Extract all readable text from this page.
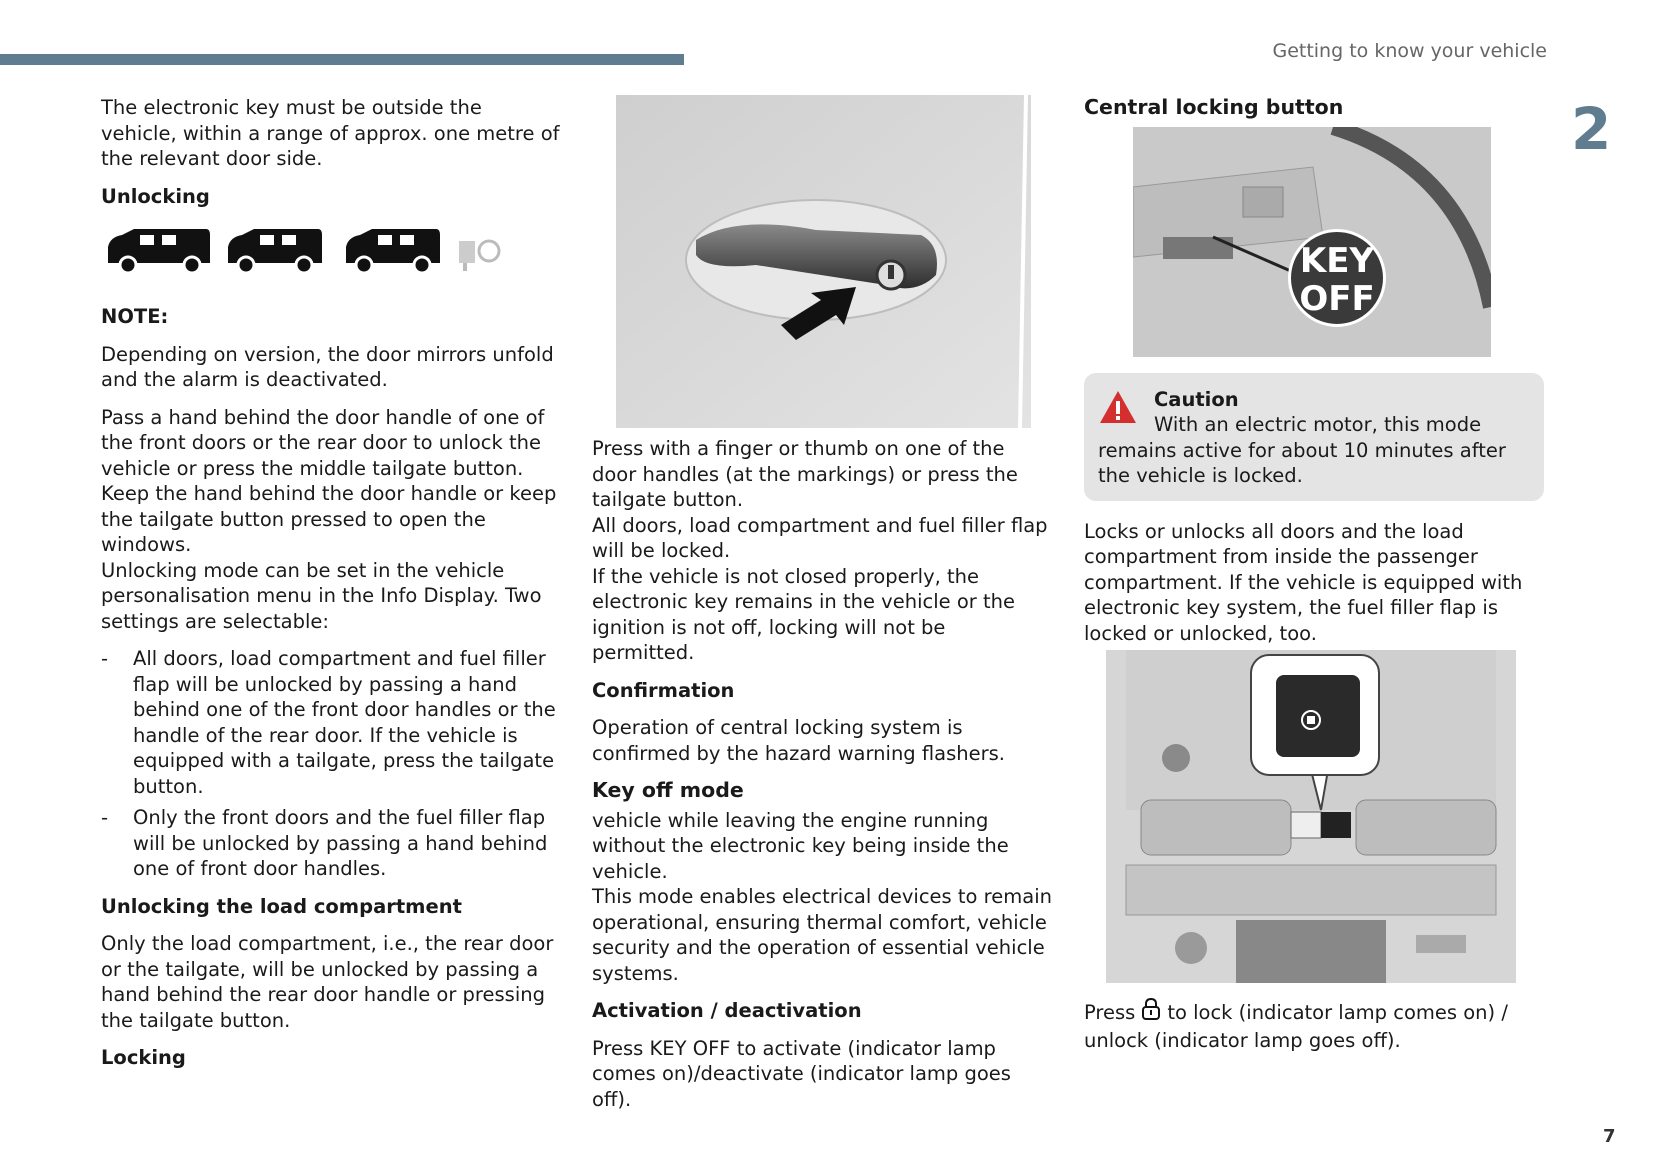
Getting to know your vehicle
2
7

The electronic key must be outside the vehicle, within a range of approx. one metre of the relevant door side.

Unlocking
NOTE:

Depending on version, the door mirrors unfold and the alarm is deactivated.

Pass a hand behind the door handle of one of the front doors or the rear door to unlock the vehicle or press the middle tailgate button.

Keep the hand behind the door handle or keep the tailgate button pressed to open the windows.

Unlocking mode can be set in the vehicle personalisation menu in the Info Display. Two settings are selectable:

- All doors, load compartment and fuel filler flap will be unlocked by passing a hand behind one of the front door handles or the handle of the rear door. If the vehicle is equipped with a tailgate, press the tailgate button.
- Only the front doors and the fuel filler flap will be unlocked by passing a hand behind one of front door handles.
Unlocking the load compartment

Only the load compartment, i.e., the rear door or the tailgate, will be unlocked by passing a hand behind the rear door handle or pressing the tailgate button.

Locking

Press with a finger or thumb on one of the door handles (at the markings) or press the tailgate button.

All doors, load compartment and fuel filler flap will be locked.

If the vehicle is not closed properly, the electronic key remains in the vehicle or the ignition is not off, locking will not be permitted.

Confirmation

Operation of central locking system is confirmed by the hazard warning flashers.

Key off mode

vehicle while leaving the engine running without the electronic key being inside the vehicle.

This mode enables electrical devices to remain operational, ensuring thermal comfort, vehicle security and the operation of essential vehicle systems.

Activation / deactivation

Press KEY OFF to activate (indicator lamp comes on)/deactivate (indicator lamp goes off).

Central locking button
KEY
OFF
Caution
With an electric motor, this mode remains active for about 10 minutes after the vehicle is locked.

Locks or unlocks all doors and the load compartment from inside the passenger compartment. If the vehicle is equipped with electronic key system, the fuel filler flap is locked or unlocked, too.

Press to lock (indicator lamp comes on) / unlock (indicator lamp goes off).
